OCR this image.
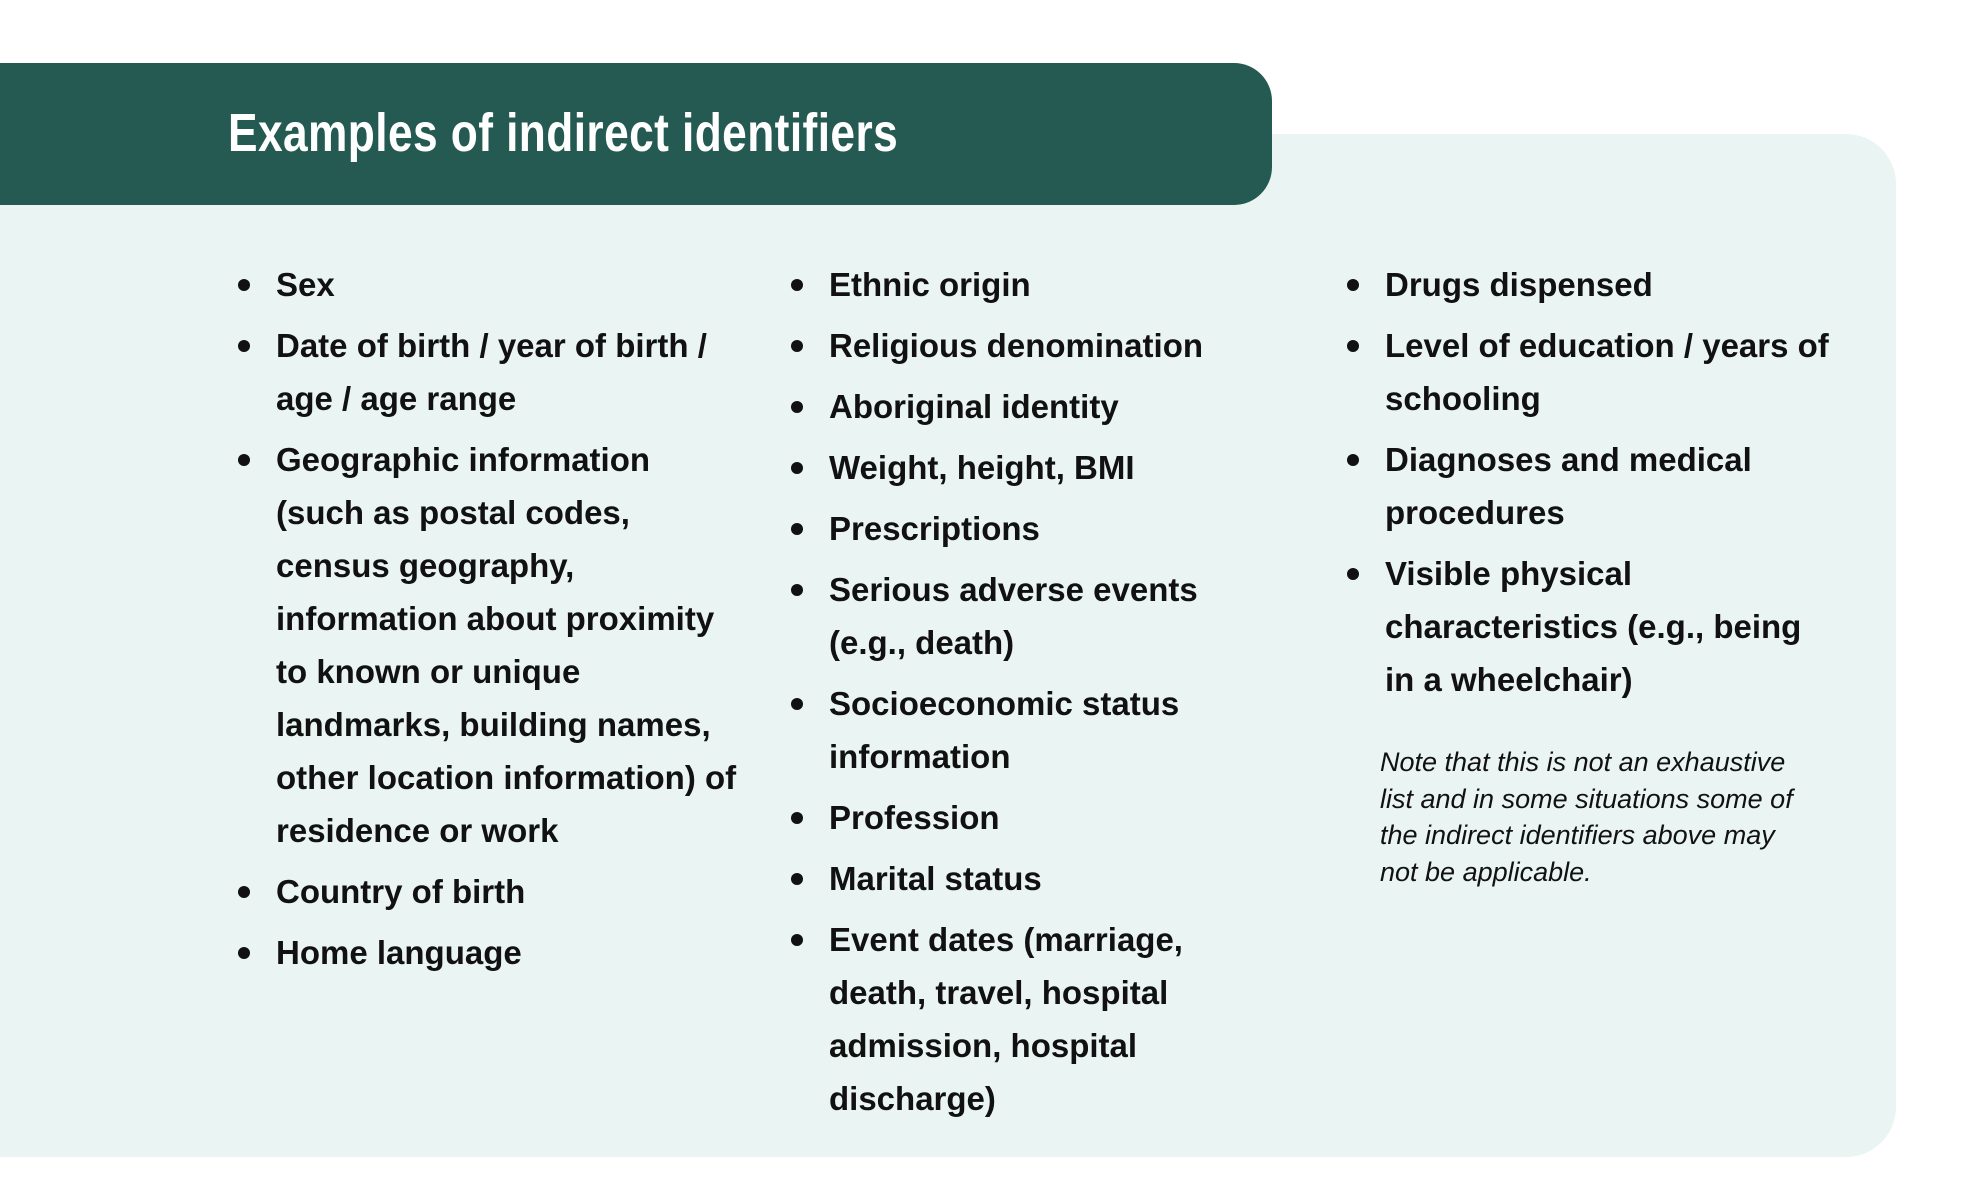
Examples of indirect identifiers
Sex
Date of birth / year of birth / age / age range
Geographic information (such as postal codes, census geography, information about proximity to known or unique landmarks, building names, other location information) of residence or work
Country of birth
Home language
Ethnic origin
Religious denomination
Aboriginal identity
Weight, height, BMI
Prescriptions
Serious adverse events (e.g., death)
Socioeconomic status information
Profession
Marital status
Event dates (marriage, death, travel, hospital admission, hospital discharge)
Drugs dispensed
Level of education / years of schooling
Diagnoses and medical procedures
Visible physical characteristics (e.g., being in a wheelchair)

Note that this is not an exhaustive list and in some situations some of the indirect identifiers above may not be applicable.
